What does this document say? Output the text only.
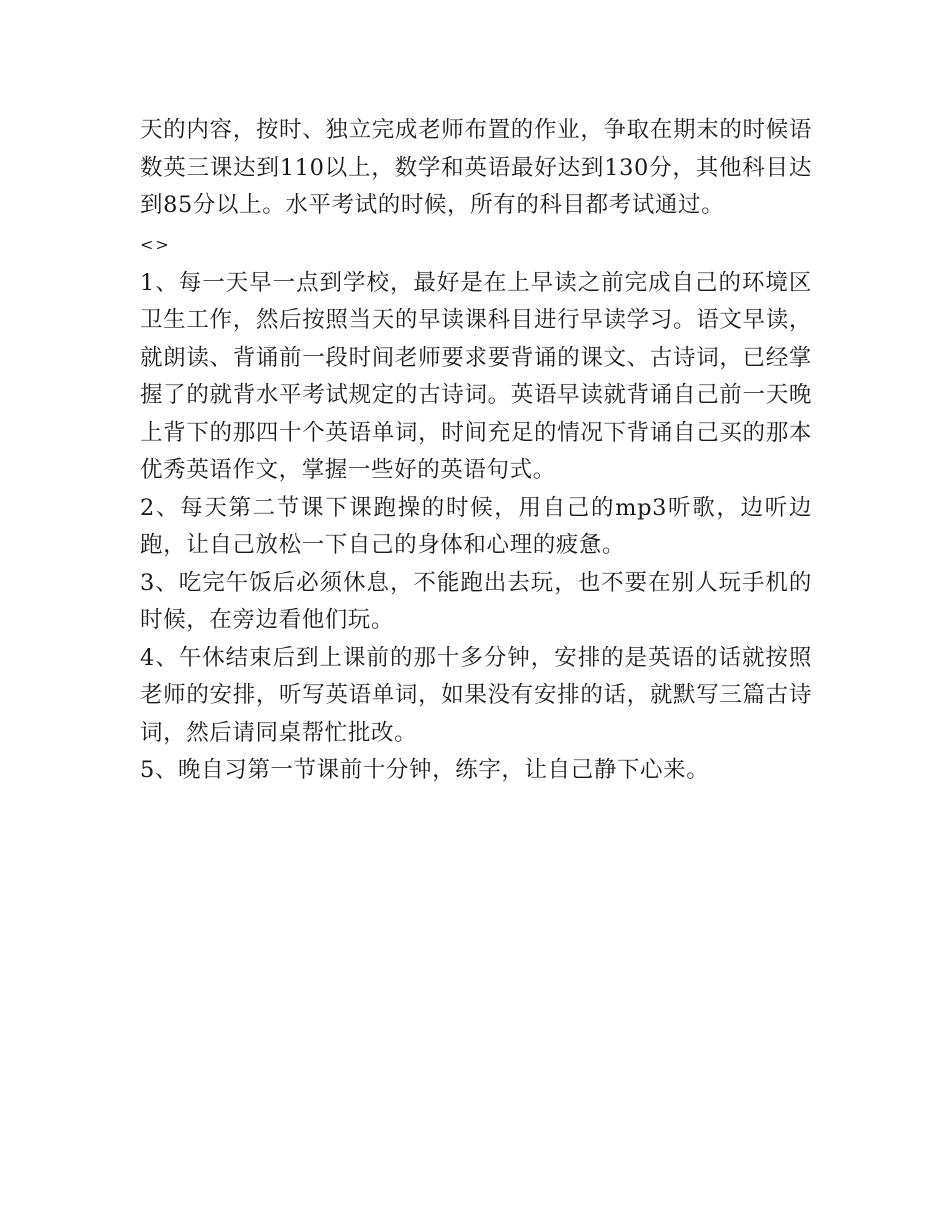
天的内容，按时、独立完成老师布置的作业，争取在期末的时候语数英三课达到110以上，数学和英语最好达到130分，其他科目达到85分以上。水平考试的时候，所有的科目都考试通过。

<>

1、每一天早一点到学校，最好是在上早读之前完成自己的环境区卫生工作，然后按照当天的早读课科目进行早读学习。语文早读，就朗读、背诵前一段时间老师要求要背诵的课文、古诗词，已经掌握了的就背水平考试规定的古诗词。英语早读就背诵自己前一天晚上背下的那四十个英语单词，时间充足的情况下背诵自己买的那本优秀英语作文，掌握一些好的英语句式。

2、每天第二节课下课跑操的时候，用自己的mp3听歌，边听边跑，让自己放松一下自己的身体和心理的疲惫。

3、吃完午饭后必须休息，不能跑出去玩，也不要在别人玩手机的时候，在旁边看他们玩。

4、午休结束后到上课前的那十多分钟，安排的是英语的话就按照老师的安排，听写英语单词，如果没有安排的话，就默写三篇古诗词，然后请同桌帮忙批改。

5、晚自习第一节课前十分钟，练字，让自己静下心来。
